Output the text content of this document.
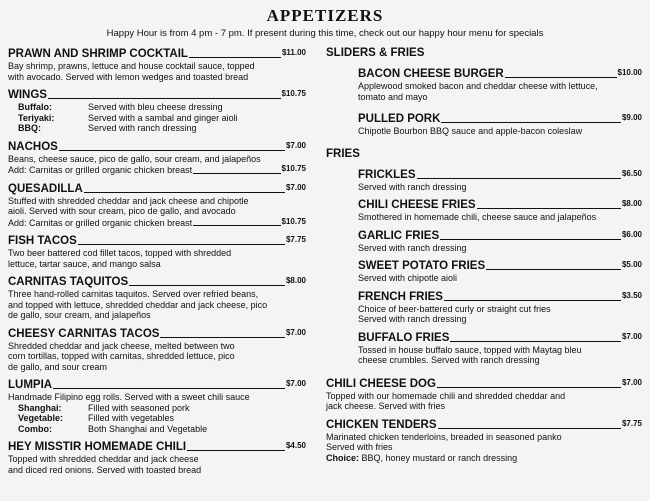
APPETIZERS
Happy Hour is from 4 pm - 7 pm. If present during this time, check out our happy hour menu for specials
PRAWN AND SHRIMP COCKTAIL	$11.00
Bay shrimp, prawns, lettuce and house cocktail sauce, topped
with avocado. Served with lemon wedges and toasted bread
WINGS	$10.75
Buffalo:	Served with bleu cheese dressing
Teriyaki:	Served with a sambal and ginger aioli
BBQ:	Served with ranch dressing
NACHOS	$7.00
Beans, cheese sauce, pico de gallo, sour cream, and jalapeños
Add: Carnitas or grilled organic chicken breast	$10.75
QUESADILLA	$7.00
Stuffed with shredded cheddar and jack cheese and chipotle
aioli. Served with sour cream, pico de gallo, and avocado
Add: Carnitas or grilled organic chicken breast	$10.75
FISH TACOS	$7.75
Two beer battered cod fillet tacos, topped with shredded
lettuce, tartar sauce, and mango salsa
CARNITAS TAQUITOS	$8.00
Three hand-rolled carnitas taquitos. Served over refried beans,
and topped with lettuce, shredded cheddar and jack cheese, pico
de gallo, sour cream, and jalapeños
CHEESY CARNITAS TACOS	$7.00
Shredded cheddar and jack cheese, melted between two
corn tortillas, topped with carnitas, shredded lettuce, pico
de gallo, and sour cream
LUMPIA	$7.00
Handmade Filipino egg rolls. Served with a sweet chili sauce
Shanghai:	Filled with seasoned pork
Vegetable:	Filled with vegetables
Combo:	Both Shanghai and Vegetable
HEY MISSTIR HOMEMADE CHILI	$4.50
Topped with shredded cheddar and jack cheese
and diced red onions. Served with toasted bread
SLIDERS & FRIES
BACON CHEESE BURGER	$10.00
Applewood smoked bacon and cheddar cheese with lettuce,
tomato and mayo
PULLED PORK	$9.00
Chipotle Bourbon BBQ sauce and apple-bacon coleslaw
FRIES
FRICKLES	$6.50
Served with ranch dressing
CHILI CHEESE FRIES	$8.00
Smothered in homemade chili, cheese sauce and jalapeños
GARLIC FRIES	$6.00
Served with ranch dressing
SWEET POTATO FRIES	$5.00
Served with chipotle aioli
FRENCH FRIES	$3.50
Choice of beer-battered curly or straight cut fries
Served with ranch dressing
BUFFALO FRIES	$7.00
Tossed in house buffalo sauce, topped with Maytag bleu
cheese crumbles. Served with ranch dressing
CHILI CHEESE DOG	$7.00
Topped with our homemade chili and shredded cheddar and
jack cheese. Served with fries
CHICKEN TENDERS	$7.75
Marinated chicken tenderloins, breaded in seasoned panko
Served with fries
Choice: BBQ, honey mustard or ranch dressing
